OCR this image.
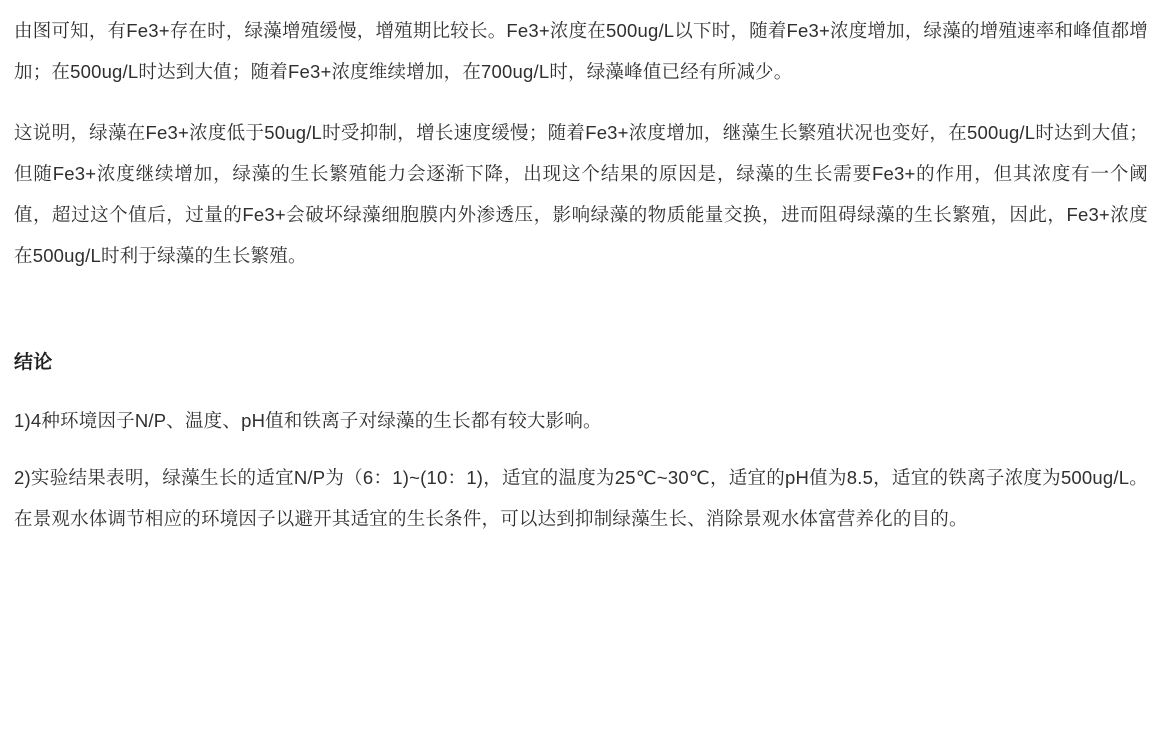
由图可知，有Fe3+存在时，绿藻增殖缓慢，增殖期比较长。Fe3+浓度在500ug/L以下时，随着Fe3+浓度增加，绿藻的增殖速率和峰值都增加；在500ug/L时达到大值；随着Fe3+浓度维续增加，在700ug/L时，绿藻峰值已经有所减少。

这说明，绿藻在Fe3+浓度低于50ug/L时受抑制，增长速度缓慢；随着Fe3+浓度增加，继藻生长繁殖状况也变好，在500ug/L时达到大值；但随Fe3+浓度继续增加，绿藻的生长繁殖能力会逐渐下降，出现这个结果的原因是，绿藻的生长需要Fe3+的作用，但其浓度有一个阈值，超过这个值后，过量的Fe3+会破坏绿藻细胞膜内外渗透压，影响绿藻的物质能量交换，进而阻碍绿藻的生长繁殖，因此，Fe3+浓度在500ug/L时利于绿藻的生长繁殖。

结论

1)4种环境因子N/P、温度、pH值和铁离子对绿藻的生长都有较大影响。

2)实验结果表明，绿藻生长的适宜N/P为（6：1)~(10：1)，适宜的温度为25℃~30℃，适宜的pH值为8.5，适宜的铁离子浓度为500ug/L。在景观水体调节相应的环境因子以避开其适宜的生长条件，可以达到抑制绿藻生长、消除景观水体富营养化的目的。
